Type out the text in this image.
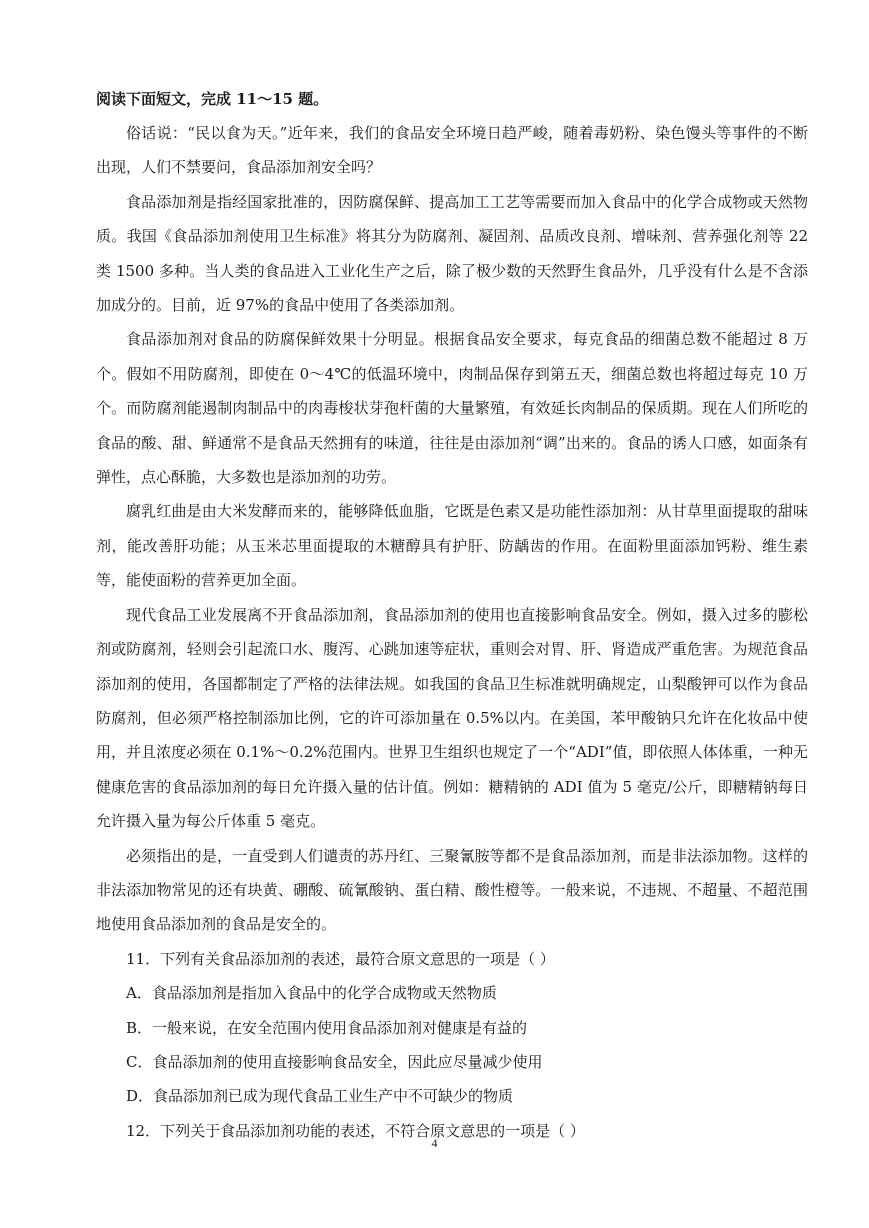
阅读下面短文，完成 11～15 题。

俗话说：“民以食为天。”近年来，我们的食品安全环境日趋严峻，随着毒奶粉、染色馒头等事件的不断出现，人们不禁要问，食品添加剂安全吗？

食品添加剂是指经国家批准的，因防腐保鲜、提高加工工艺等需要而加入食品中的化学合成物或天然物质。我国《食品添加剂使用卫生标准》将其分为防腐剂、凝固剂、品质改良剂、增味剂、营养强化剂等 22 类 1500 多种。当人类的食品进入工业化生产之后，除了极少数的天然野生食品外，几乎没有什么是不含添加成分的。目前，近 97%的食品中使用了各类添加剂。

食品添加剂对食品的防腐保鲜效果十分明显。根据食品安全要求，每克食品的细菌总数不能超过 8 万个。假如不用防腐剂，即使在 0～4℃的低温环境中，肉制品保存到第五天，细菌总数也将超过每克 10 万个。而防腐剂能遏制肉制品中的肉毒梭状芽孢杆菌的大量繁殖，有效延长肉制品的保质期。现在人们所吃的食品的酸、甜、鲜通常不是食品天然拥有的味道，往往是由添加剂“调”出来的。食品的诱人口感，如面条有弹性，点心酥脆，大多数也是添加剂的功劳。

腐乳红曲是由大米发酵而来的，能够降低血脂，它既是色素又是功能性添加剂：从甘草里面提取的甜味剂，能改善肝功能；从玉米芯里面提取的木糖醇具有护肝、防龋齿的作用。在面粉里面添加钙粉、维生素等，能使面粉的营养更加全面。

现代食品工业发展离不开食品添加剂，食品添加剂的使用也直接影响食品安全。例如，摄入过多的膨松剂或防腐剂，轻则会引起流口水、腹泻、心跳加速等症状，重则会对胃、肝、肾造成严重危害。为规范食品添加剂的使用，各国都制定了严格的法律法规。如我国的食品卫生标准就明确规定，山梨酸钾可以作为食品防腐剂，但必须严格控制添加比例，它的许可添加量在 0.5%以内。在美国，苯甲酸钠只允许在化妆品中使用，并且浓度必须在 0.1%～0.2%范围内。世界卫生组织也规定了一个“ADI”值，即依照人体体重，一种无健康危害的食品添加剂的每日允许摄入量的估计值。例如：糖精钠的 ADI 值为 5 毫克/公斤，即糖精钠每日允许摄入量为每公斤体重 5 毫克。

必须指出的是，一直受到人们谴责的苏丹红、三聚氰胺等都不是食品添加剂，而是非法添加物。这样的非法添加物常见的还有块黄、硼酸、硫氰酸钠、蛋白精、酸性橙等。一般来说，不违规、不超量、不超范围地使用食品添加剂的食品是安全的。

11．下列有关食品添加剂的表述，最符合原文意思的一项是（ ）

A．食品添加剂是指加入食品中的化学合成物或天然物质

B．一般来说，在安全范围内使用食品添加剂对健康是有益的

C．食品添加剂的使用直接影响食品安全，因此应尽量减少使用

D．食品添加剂已成为现代食品工业生产中不可缺少的物质

12．下列关于食品添加剂功能的表述，不符合原文意思的一项是（ ）

4
